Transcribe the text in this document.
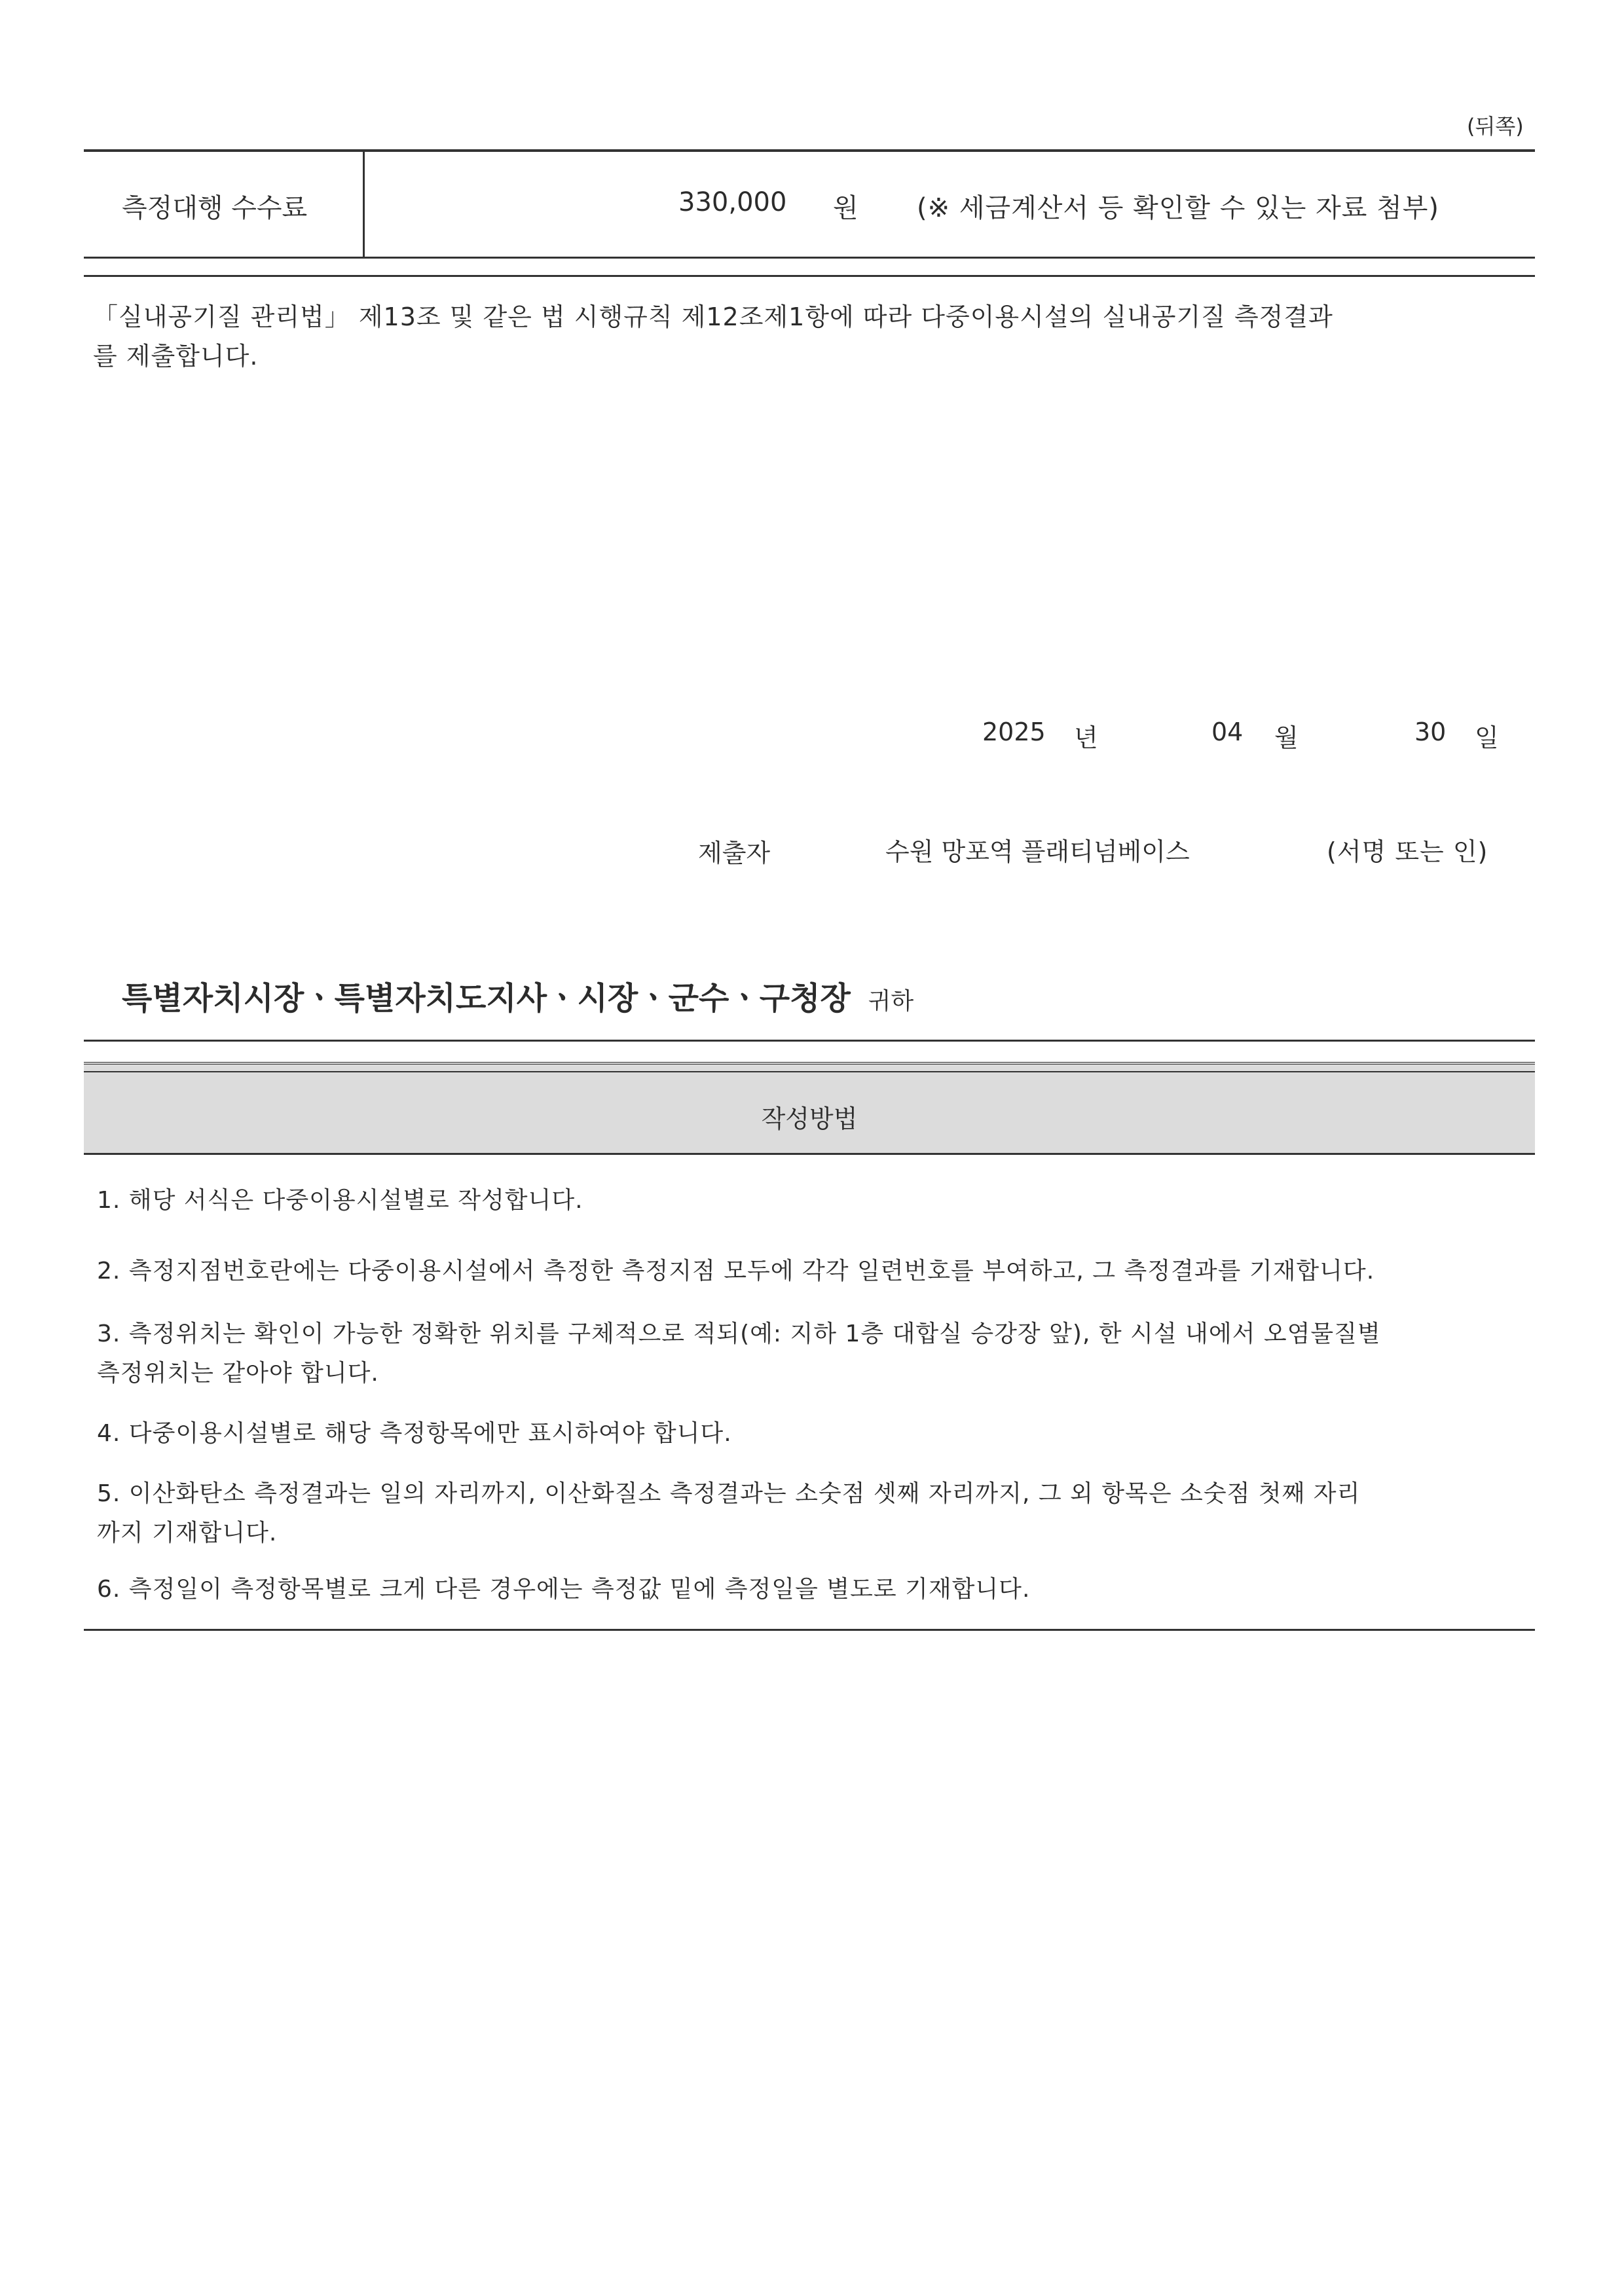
(뒤쪽)
측정대행 수수료	330,000 원 (※ 세금계산서 등 확인할 수 있는 자료 첨부)
「실내공기질 관리법」 제13조 및 같은 법 시행규칙 제12조제1항에 따라 다중이용시설의 실내공기질 측정결과
를 제출합니다.
2025 년	04 월	30 일
제출자	수원 망포역 플래티넘베이스	(서명 또는 인)
특별자치시장ㆍ특별자치도지사ㆍ시장ㆍ군수ㆍ구청장 귀하
작성방법
1. 해당 서식은 다중이용시설별로 작성합니다.
2. 측정지점번호란에는 다중이용시설에서 측정한 측정지점 모두에 각각 일련번호를 부여하고, 그 측정결과를 기재합니다.
3. 측정위치는 확인이 가능한 정확한 위치를 구체적으로 적되(예: 지하 1층 대합실 승강장 앞), 한 시설 내에서 오염물질별
측정위치는 같아야 합니다.
4. 다중이용시설별로 해당 측정항목에만 표시하여야 합니다.
5. 이산화탄소 측정결과는 일의 자리까지, 이산화질소 측정결과는 소숫점 셋째 자리까지, 그 외 항목은 소숫점 첫째 자리
까지 기재합니다.
6. 측정일이 측정항목별로 크게 다른 경우에는 측정값 밑에 측정일을 별도로 기재합니다.
